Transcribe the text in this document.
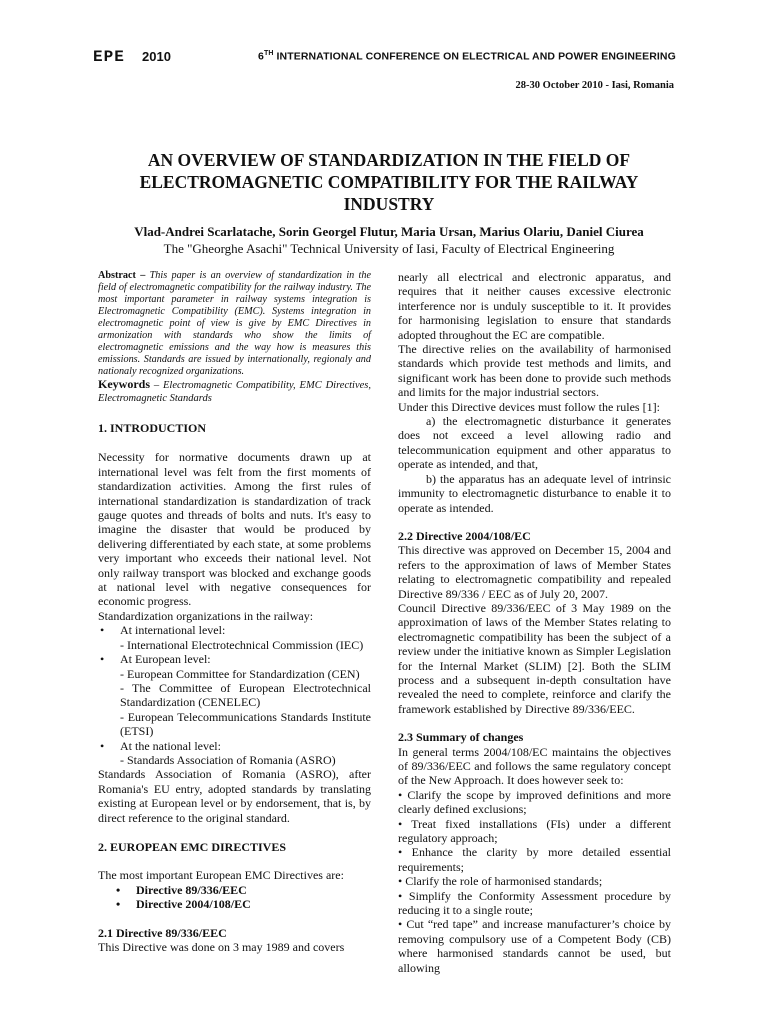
EPE 2010	6TH INTERNATIONAL CONFERENCE ON ELECTRICAL AND POWER ENGINEERING
28-30 October 2010 - Iasi, Romania

AN OVERVIEW OF STANDARDIZATION IN THE FIELD OF ELECTROMAGNETIC COMPATIBILITY FOR THE RAILWAY INDUSTRY

Vlad-Andrei Scarlatache, Sorin Georgel Flutur, Maria Ursan, Marius Olariu, Daniel Ciurea

The "Gheorghe Asachi" Technical University of Iasi, Faculty of Electrical Engineering

Abstract – This paper is an overview of standardization in the field of electromagnetic compatibility for the railway industry. The most important parameter in railway systems integration is Electromagnetic Compatibility (EMC). Systems integration in electromagnetic point of view is give by EMC Directives in armonization with standards who show the limits of electromagnetic emissions and the way how is measures this emissions. Standards are issued by internationally, regionaly and nationaly recognized organizations.

Keywords – Electromagnetic Compatibility, EMC Directives, Electromagnetic Standards

1. INTRODUCTION

Necessity for normative documents drawn up at international level was felt from the first moments of standardization activities. Among the first rules of international standardization is standardization of track gauge quotes and threads of bolts and nuts. It's easy to imagine the disaster that would be produced by delivering differentiated by each state, at some problems very important who exceeds their national level. Not only railway transport was blocked and exchange goods at national level with negative consequences for economic progress.

Standardization organizations in the railway:

• At international level:
- International Electrotechnical Commission (IEC)
• At European level:
- European Committee for Standardization (CEN)
- The Committee of European Electrotechnical Standardization (CENELEC)
- European Telecommunications Standards Institute (ETSI)
• At the national level:
- Standards Association of Romania (ASRO)

Standards Association of Romania (ASRO), after Romania's EU entry, adopted standards by translating existing at European level or by endorsement, that is, by direct reference to the original standard.

2. EUROPEAN EMC DIRECTIVES

The most important European EMC Directives are:

• Directive 89/336/EEC
• Directive 2004/108/EC

2.1 Directive 89/336/EEC

This Directive was done on 3 may 1989 and covers

nearly all electrical and electronic apparatus, and requires that it neither causes excessive electronic interference nor is unduly susceptible to it. It provides for harmonising legislation to ensure that standards adopted throughout the EC are compatible.

The directive relies on the availability of harmonised standards which provide test methods and limits, and significant work has been done to provide such methods and limits for the major industrial sectors.

Under this Directive devices must follow the rules [1]:

a) the electromagnetic disturbance it generates does not exceed a level allowing radio and telecommunication equipment and other apparatus to operate as intended, and that,

b) the apparatus has an adequate level of intrinsic immunity to electromagnetic disturbance to enable it to operate as intended.

2.2 Directive 2004/108/EC

This directive was approved on December 15, 2004 and refers to the approximation of laws of Member States relating to electromagnetic compatibility and repealed Directive 89/336 / EEC as of July 20, 2007.

Council Directive 89/336/EEC of 3 May 1989 on the approximation of laws of the Member States relating to electromagnetic compatibility has been the subject of a review under the initiative known as Simpler Legislation for the Internal Market (SLIM) [2]. Both the SLIM process and a subsequent in-depth consultation have revealed the need to complete, reinforce and clarify the framework established by Directive 89/336/EEC.

2.3 Summary of changes

In general terms 2004/108/EC maintains the objectives of 89/336/EEC and follows the same regulatory concept of the New Approach. It does however seek to:

• Clarify the scope by improved definitions and more clearly defined exclusions;

• Treat fixed installations (FIs) under a different regulatory approach;

• Enhance the clarity by more detailed essential requirements;

• Clarify the role of harmonised standards;

• Simplify the Conformity Assessment procedure by reducing it to a single route;

• Cut “red tape” and increase manufacturer’s choice by removing compulsory use of a Competent Body (CB) where harmonised standards cannot be used, but allowing
